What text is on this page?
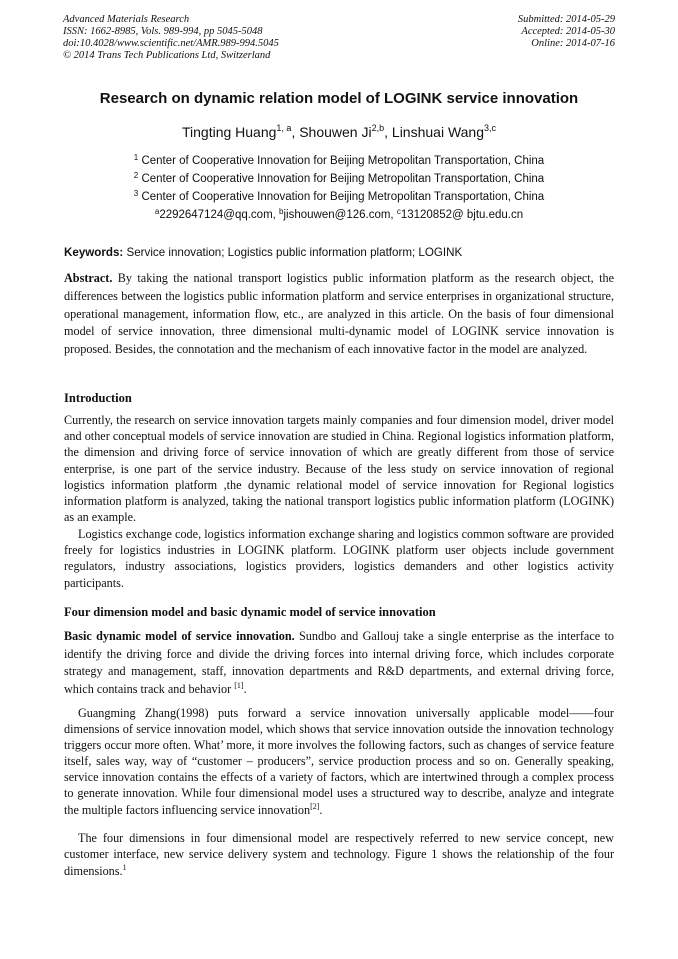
Advanced Materials Research
ISSN: 1662-8985, Vols. 989-994, pp 5045-5048
doi:10.4028/www.scientific.net/AMR.989-994.5045
© 2014 Trans Tech Publications Ltd, Switzerland
Submitted: 2014-05-29
Accepted: 2014-05-30
Online: 2014-07-16
Research on dynamic relation model of LOGINK service innovation
Tingting Huang$^{1, a}$, Shouwen Ji$^{2,b}$, Linshuai Wang$^{3,c}$
$^1$ Center of Cooperative Innovation for Beijing Metropolitan Transportation, China
$^2$ Center of Cooperative Innovation for Beijing Metropolitan Transportation, China
$^3$ Center of Cooperative Innovation for Beijing Metropolitan Transportation, China
$^a$2292647124@qq.com, $^b$jishouwen@126.com, $^c$13120852@ bjtu.edu.cn
Keywords: Service innovation; Logistics public information platform; LOGINK

Abstract. By taking the national transport logistics public information platform as the research object, the differences between the logistics public information platform and service enterprises in organizational structure, operational management, information flow, etc., are analyzed in this article. On the basis of four dimensional model of service innovation, three dimensional multi-dynamic model of LOGINK service innovation is proposed. Besides, the connotation and the mechanism of each innovative factor in the model are analyzed.

Introduction

Currently, the research on service innovation targets mainly companies and four dimension model, driver model and other conceptual models of service innovation are studied in China. Regional logistics information platform, the dimension and driving force of service innovation of which are greatly different from those of service enterprise, is one part of the service industry. Because of the less study on service innovation of regional logistics information platform ,the dynamic relational model of service innovation for Regional logistics information platform is analyzed, taking the national transport logistics public information platform (LOGINK) as an example.

Logistics exchange code, logistics information exchange sharing and logistics common software are provided freely for logistics industries in LOGINK platform. LOGINK platform user objects include government regulators, industry associations, logistics providers, logistics demanders and other logistics activity participants.

Four dimension model and basic dynamic model of service innovation

Basic dynamic model of service innovation. Sundbo and Gallouj take a single enterprise as the interface to identify the driving force and divide the driving forces into internal driving force, which includes corporate strategy and management, staff, innovation departments and R&D departments, and external driving force, which contains track and behavior [1].

Guangming Zhang(1998) puts forward a service innovation universally applicable model——four dimensions of service innovation model, which shows that service innovation outside the innovation technology triggers occur more often. What’ more, it more involves the following factors, such as changes of service feature itself, sales way, way of “customer – producers”, service production process and so on. Generally speaking, service innovation contains the effects of a variety of factors, which are intertwined through a complex process to generate innovation. While four dimensional model uses a structured way to describe, analyze and integrate the multiple factors influencing service innovation[2].

The four dimensions in four dimensional model are respectively referred to new service concept, new customer interface, new service delivery system and technology. Figure 1 shows the relationship of the four dimensions.$^1$
